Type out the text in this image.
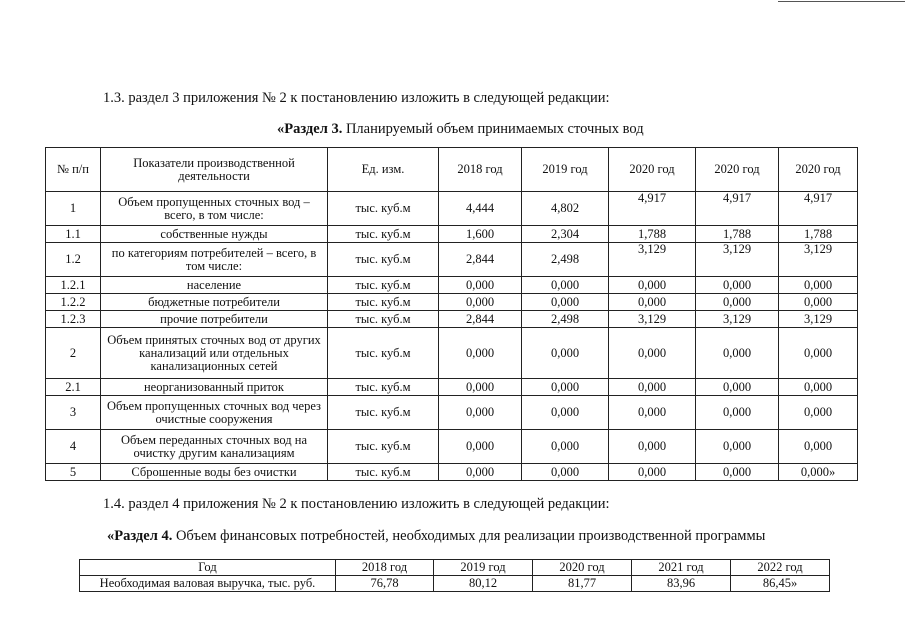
1.3. раздел 3 приложения № 2 к постановлению изложить в следующей редакции:
«Раздел 3. Планируемый объем принимаемых сточных вод
№ п/п	Показатели производственной деятельности	Ед. изм.	2018 год	2019 год	2020 год	2020 год	2020 год
1	Объем пропущенных сточных вод – всего, в том числе:	тыс. куб.м	4,444	4,802	4,917	4,917	4,917
1.1	собственные нужды	тыс. куб.м	1,600	2,304	1,788	1,788	1,788
1.2	по категориям потребителей – всего, в том числе:	тыс. куб.м	2,844	2,498	3,129	3,129	3,129
1.2.1	население	тыс. куб.м	0,000	0,000	0,000	0,000	0,000
1.2.2	бюджетные потребители	тыс. куб.м	0,000	0,000	0,000	0,000	0,000
1.2.3	прочие потребители	тыс. куб.м	2,844	2,498	3,129	3,129	3,129
2	Объем принятых сточных вод от других канализаций или отдельных канализационных сетей	тыс. куб.м	0,000	0,000	0,000	0,000	0,000
2.1	неорганизованный приток	тыс. куб.м	0,000	0,000	0,000	0,000	0,000
3	Объем пропущенных сточных вод через очистные сооружения	тыс. куб.м	0,000	0,000	0,000	0,000	0,000
4	Объем переданных сточных вод на очистку другим канализациям	тыс. куб.м	0,000	0,000	0,000	0,000	0,000
5	Сброшенные воды без очистки	тыс. куб.м	0,000	0,000	0,000	0,000	0,000»
1.4. раздел 4 приложения № 2 к постановлению изложить в следующей редакции:
«Раздел 4. Объем финансовых потребностей, необходимых для реализации производственной программы
Год	2018 год	2019 год	2020 год	2021 год	2022 год
Необходимая валовая выручка, тыс. руб.	76,78	80,12	81,77	83,96	86,45»
